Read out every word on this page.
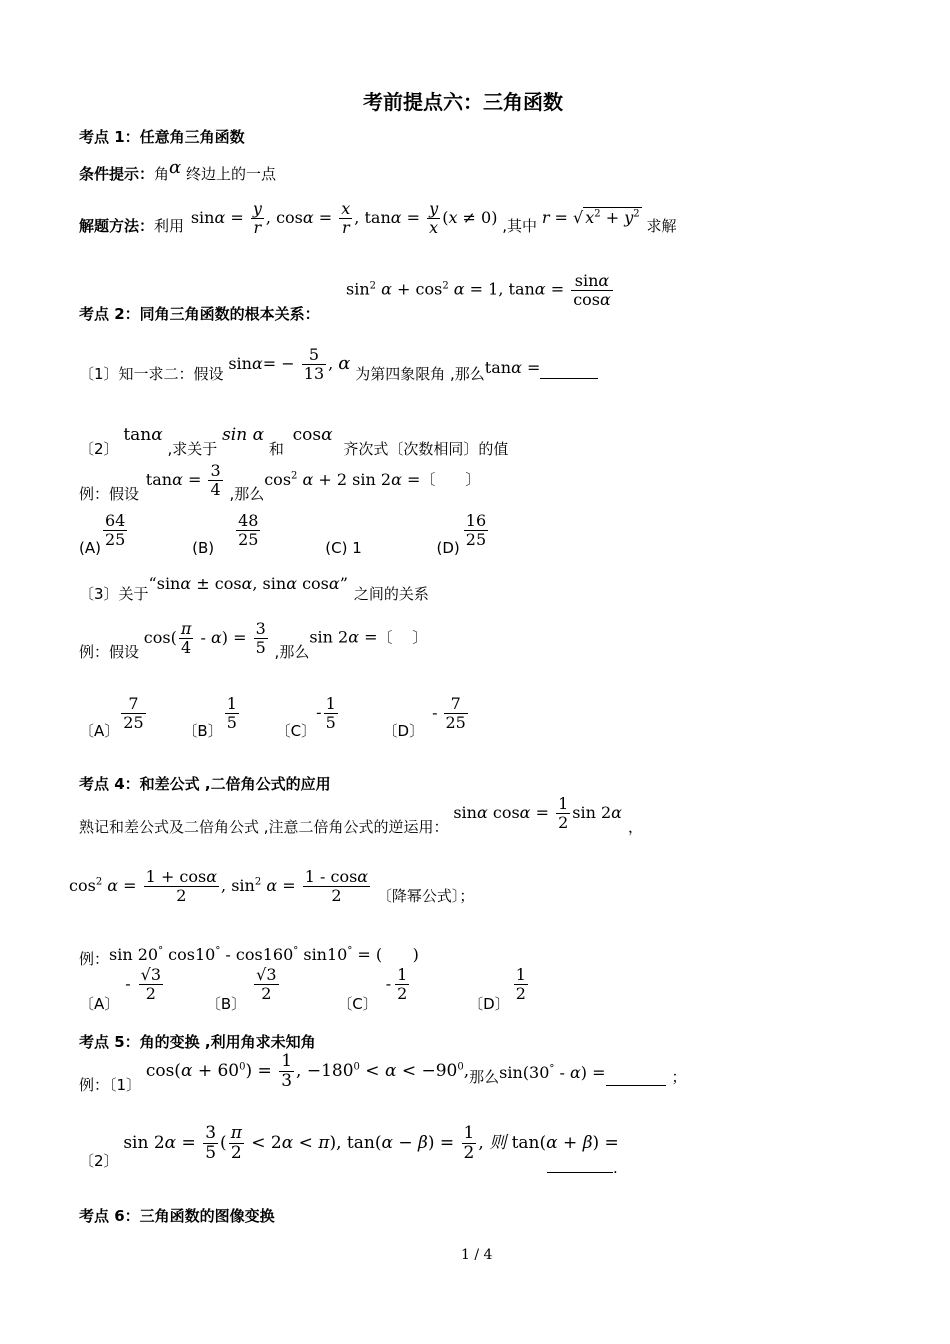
考前提点六：三角函数
考点 1：任意角三角函数
条件提示：角α 终边上的一点
解题方法：利用 $\sin\alpha = \frac{y}{r}$ , $\cos\alpha = \frac{x}{r}$ , $\tan\alpha = \frac{y}{x} (x \ne 0)$ ,其中 r = √ $x^2 + y^2$ 求解
$\sin^2 \alpha + \cos^2 \alpha = 1$, $\tan\alpha = \frac{\sin\alpha}{\cos\alpha}$
考点 2：同角三角函数的根本关系：
〔1〕知一求二：假设 $\sin\alpha= - \frac{5}{13}$ , α 为第四象限角 ,那么tanα =
〔2〕 tanα ,求关于 sin α 和 cosα 齐次式〔次数相同〕的值
例：假设 $\tan\alpha = \frac{3}{4}$ ,那么$\cos^2 \alpha + 2$ sin 2α =〔　　〕
$(A) \frac{64}{25}$	$(B) \frac{48}{25}$	(C) 1	$(D) \frac{16}{25}$
〔3〕关于“sinα ± cosα, sinα cosα”之间的关系
例：假设 $\cos( \frac{\pi}{4} - \alpha) = \frac{3}{5}$ ,那么sin 2α =〔　 〕
〔A〕 $\frac{7}{25}$ 〔B〕 $\frac{1}{5}$ 〔C〕- $\frac{1}{5}$	〔D〕- $\frac{7}{25}$
考点 4：和差公式 ,二倍角公式的应用
熟记和差公式及二倍角公式 ,注意二倍角公式的逆运用： sinα $\cos\alpha = \frac{1}{2}$ sin 2α，
$\cos^2 \alpha = \frac{1 + \cos\alpha}{2}$ , $\sin^2 \alpha = \frac{1 - \cos\alpha}{2}$ 〔降幂公式〕；
例：sin 20° cos10° - cos160° sin10° = (      )
〔A〕- $\frac{√3}{2}$
〔B〕
$\frac{√3}{2}$
〔C〕- $\frac{1}{2}$
〔D〕
$\frac{1}{2}$
考点 5：角的变换 ,利用角求未知角
例：〔1〕 $\cos(\alpha + 60^0) = \frac{1}{3}$ , $-180^0 < \alpha < -90^0$,那么sin(30° - α) =	；
〔2〕 $\sin 2\alpha = \frac{3}{5}$ ( $\frac{\pi}{2} < 2\alpha < \pi$), $\tan(\alpha - \beta) = \frac{1}{2}$ , 则 tan(α + β) =
.
考点 6：三角函数的图像变换
1 / 4
